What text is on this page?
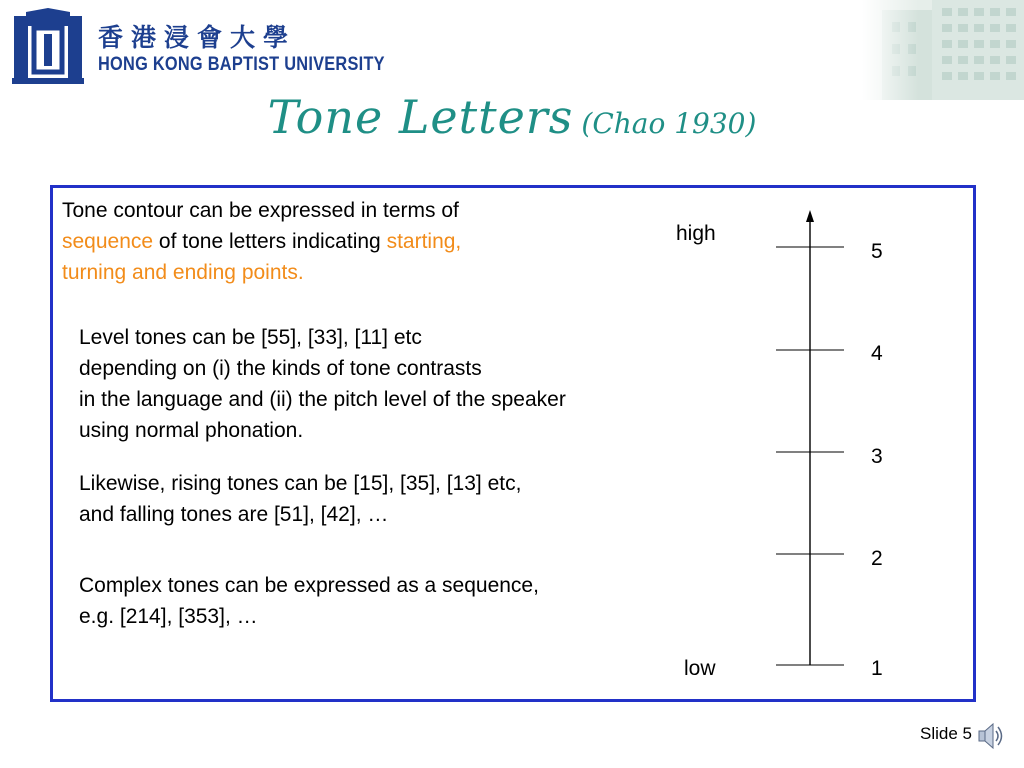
香港浸會大學
HONG KONG BAPTIST UNIVERSITY
Tone Letters (Chao 1930)
Tone contour can be expressed in terms of
sequence of tone letters indicating starting,
turning and ending points.
Level tones can be [55], [33], [11] etc
depending on (i) the kinds of tone contrasts
in the language and (ii) the pitch level of the speaker
using normal phonation.
Likewise, rising tones can be [15], [35], [13] etc,
and falling tones are [51], [42], …
Complex tones can be expressed as a sequence,
e.g. [214], [353], …
high
low
5
4
3
2
1
Slide 5
